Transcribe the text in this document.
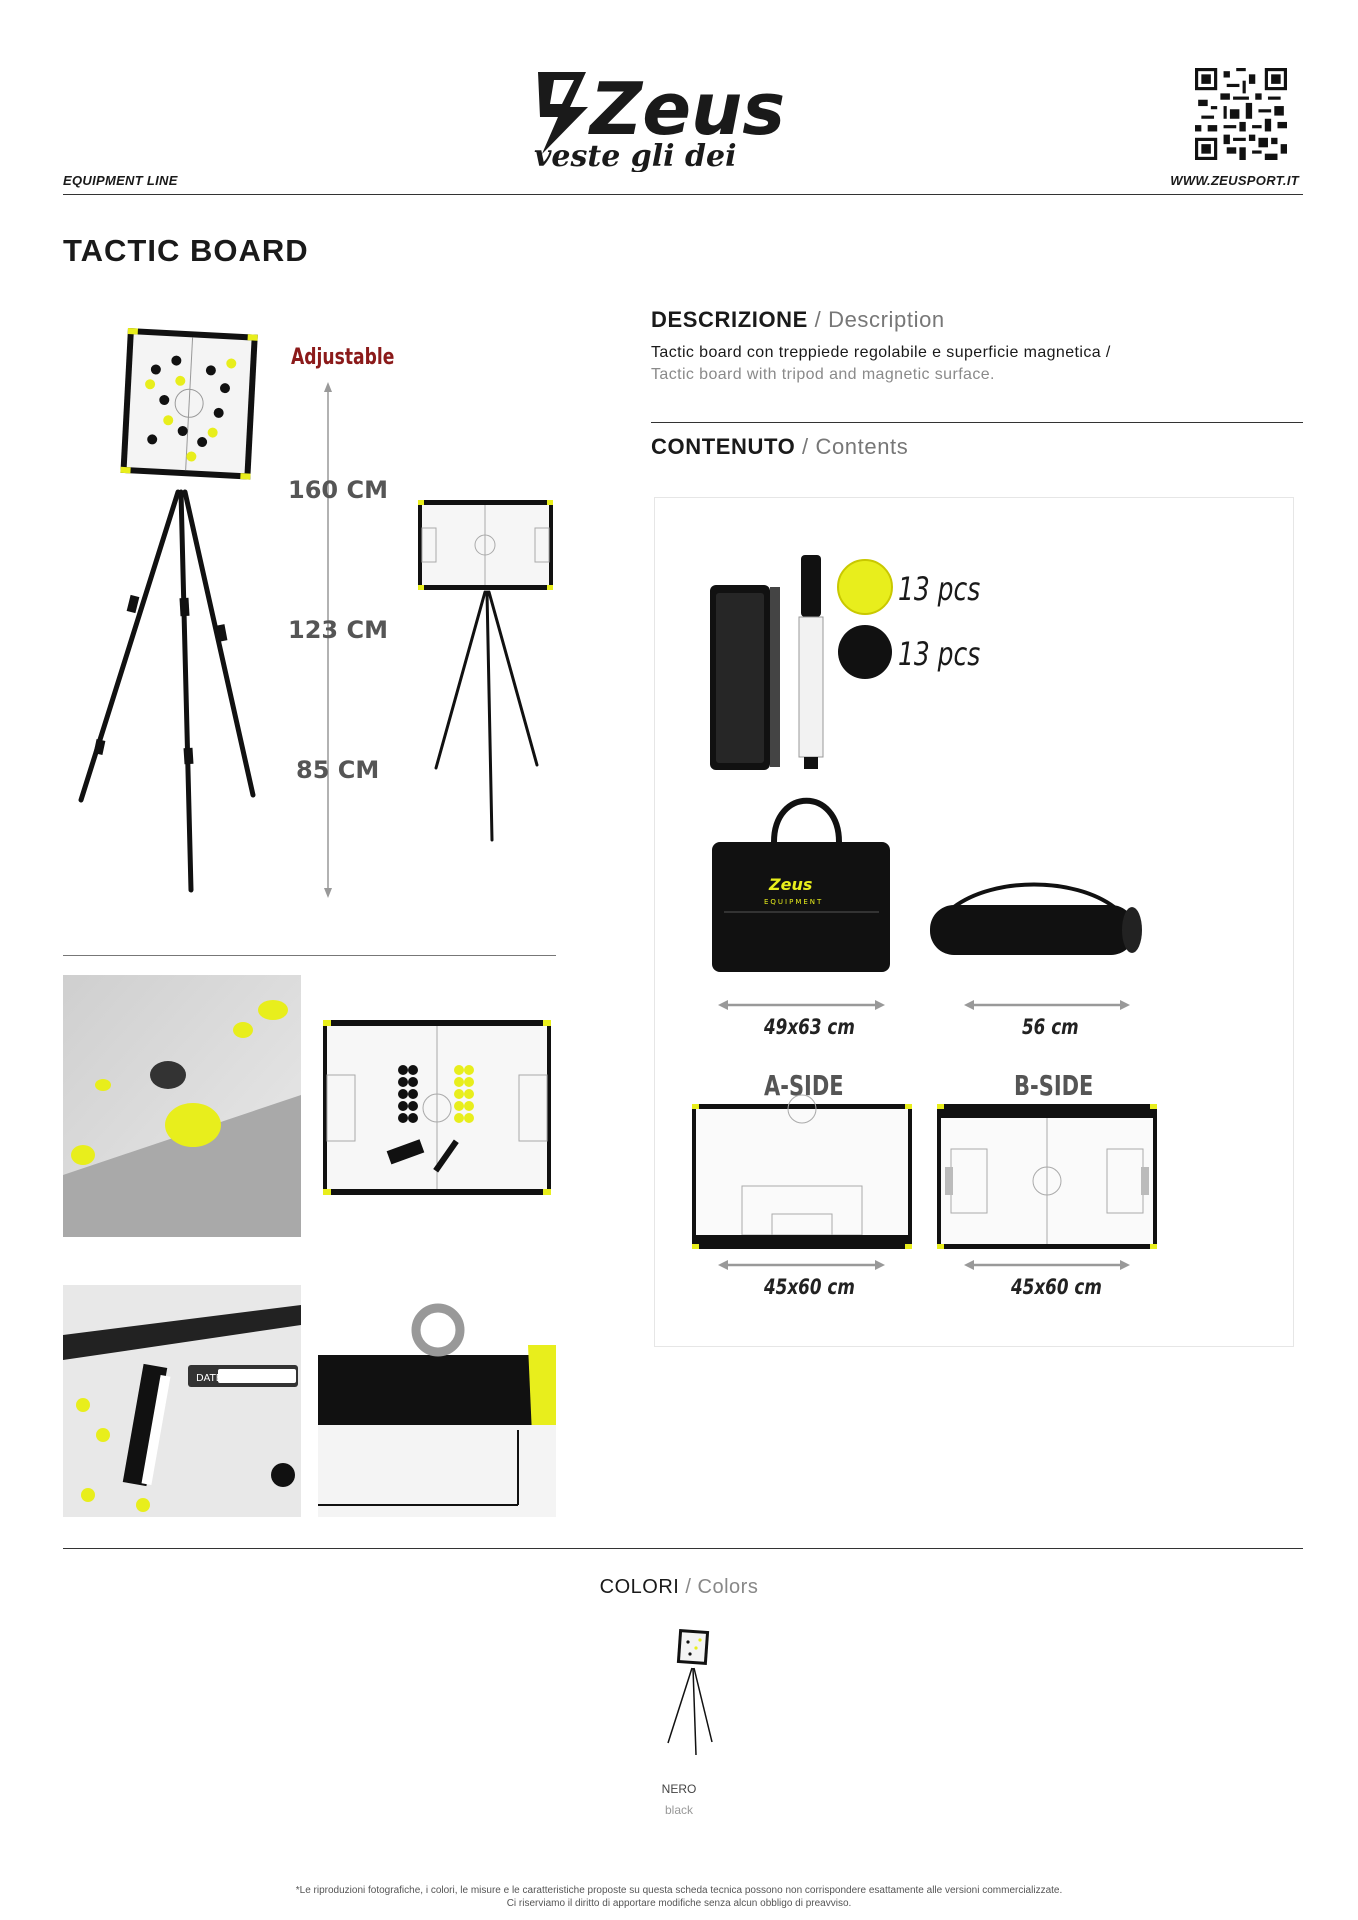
Zeus
veste gli dei
EQUIPMENT LINE	WWW.ZEUSPORT.IT
TACTIC BOARD
Adjustable
160 CM
123 CM
85 CM
DATE
DESCRIZIONE / Description
Tactic board con treppiede regolabile e superficie magnetica /
Tactic board with tripod and magnetic surface.
CONTENUTO / Contents
13 pcs
13 pcs
Zeus
EQUIPMENT
49x63 cm	56 cm
A-SIDE	B-SIDE
45x60 cm	45x60 cm
COLORI / Colors
NERO
black
*Le riproduzioni fotografiche, i colori, le misure e le caratteristiche proposte su questa scheda tecnica possono non corrispondere esattamente alle versioni commercializzate.
Ci riserviamo il diritto di apportare modifiche senza alcun obbligo di preavviso.
